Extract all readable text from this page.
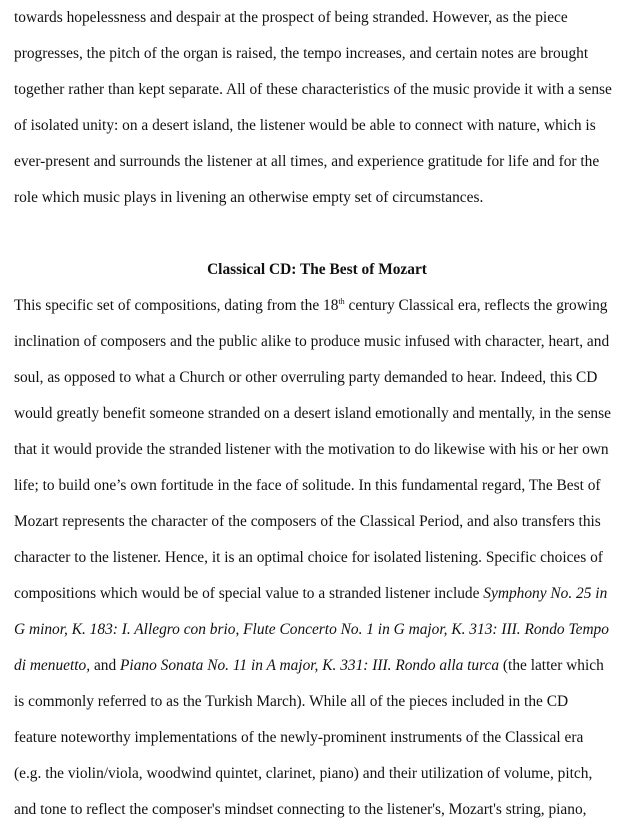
towards hopelessness and despair at the prospect of being stranded. However, as the piece
progresses, the pitch of the organ is raised, the tempo increases, and certain notes are brought
together rather than kept separate. All of these characteristics of the music provide it with a sense
of isolated unity: on a desert island, the listener would be able to connect with nature, which is
ever-present and surrounds the listener at all times, and experience gratitude for life and for the
role which music plays in livening an otherwise empty set of circumstances.
Classical CD: The Best of Mozart
This specific set of compositions, dating from the 18th century Classical era, reflects the growing
inclination of composers and the public alike to produce music infused with character, heart, and
soul, as opposed to what a Church or other overruling party demanded to hear. Indeed, this CD
would greatly benefit someone stranded on a desert island emotionally and mentally, in the sense
that it would provide the stranded listener with the motivation to do likewise with his or her own
life; to build one’s own fortitude in the face of solitude. In this fundamental regard, The Best of
Mozart represents the character of the composers of the Classical Period, and also transfers this
character to the listener. Hence, it is an optimal choice for isolated listening. Specific choices of
compositions which would be of special value to a stranded listener include Symphony No. 25 in
G minor, K. 183: I. Allegro con brio, Flute Concerto No. 1 in G major, K. 313: III. Rondo Tempo
di menuetto, and Piano Sonata No. 11 in A major, K. 331: III. Rondo alla turca (the latter which
is commonly referred to as the Turkish March). While all of the pieces included in the CD
feature noteworthy implementations of the newly-prominent instruments of the Classical era
(e.g. the violin/viola, woodwind quintet, clarinet, piano) and their utilization of volume, pitch,
and tone to reflect the composer's mindset connecting to the listener's, Mozart's string, piano,
